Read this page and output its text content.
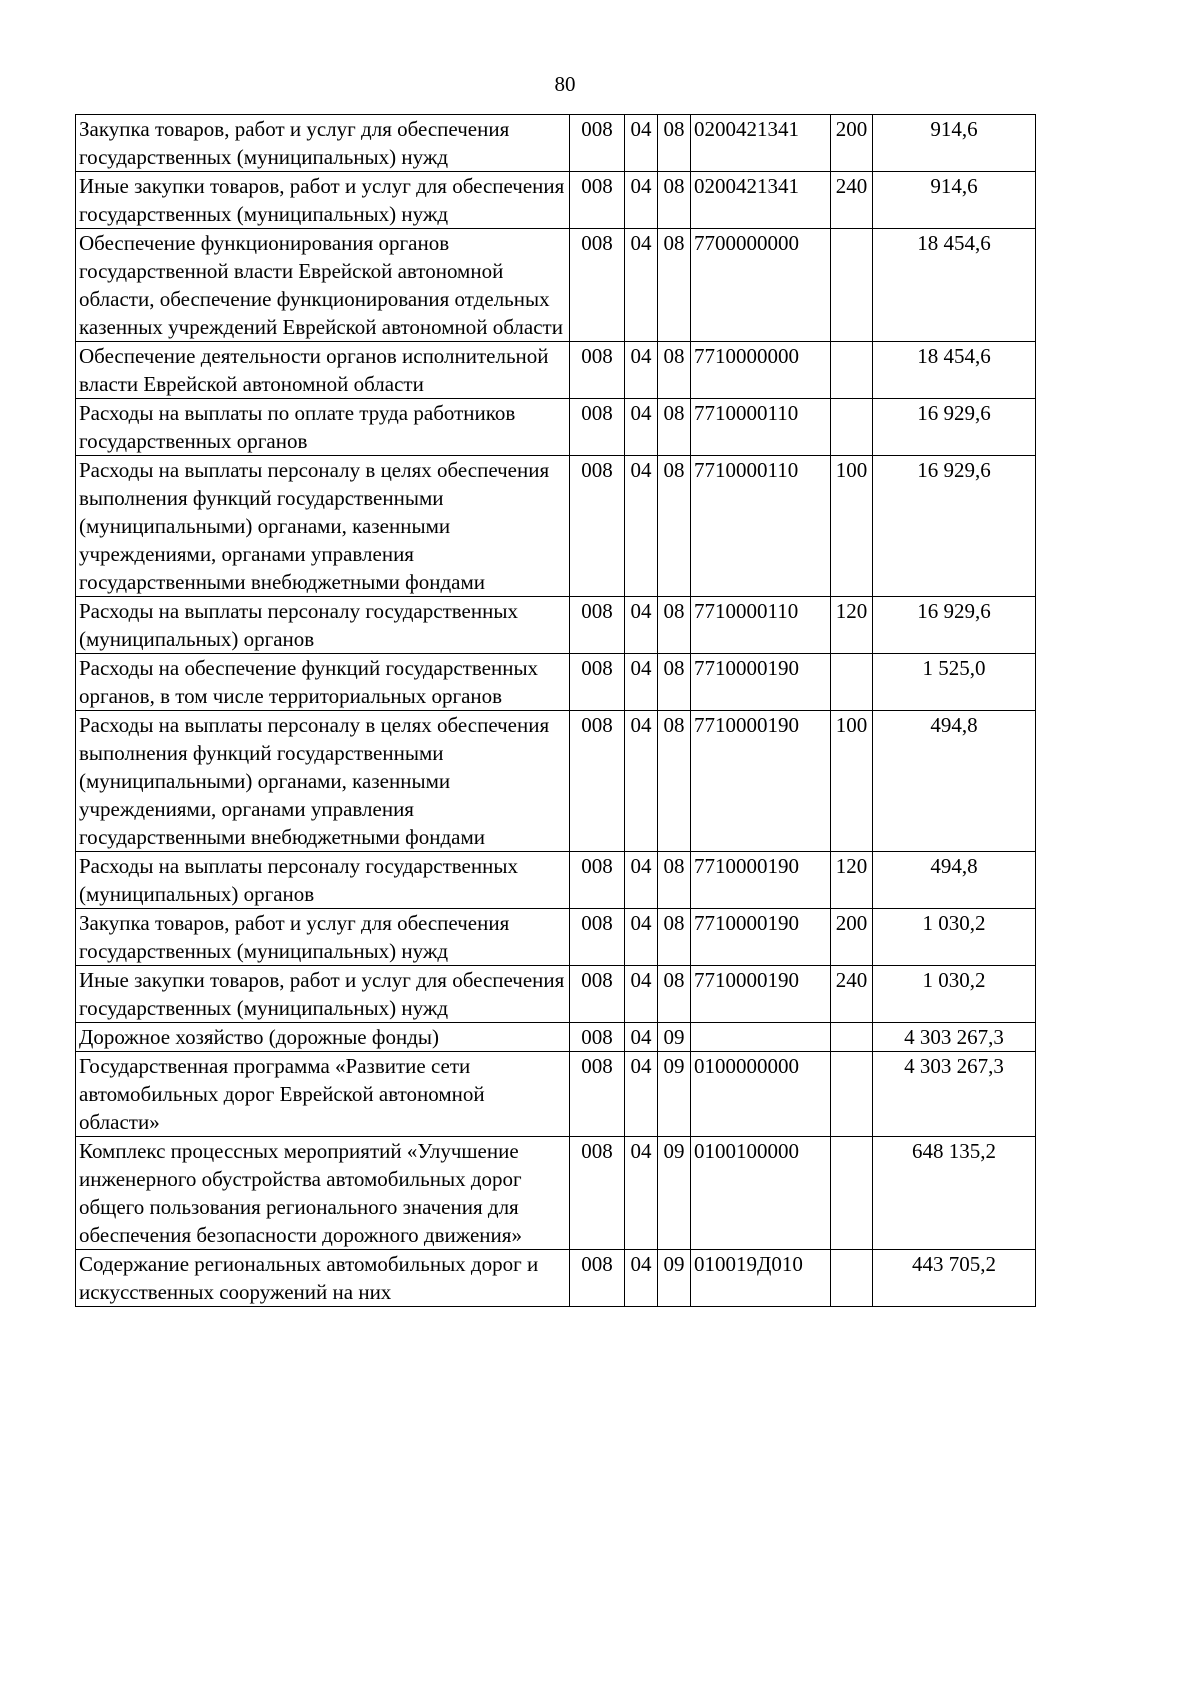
80
Закупка товаров, работ и услуг для обеспечения государственных (муниципальных) нужд	008	04	08	0200421341	200	914,6
Иные закупки товаров, работ и услуг для обеспечения государственных (муниципальных) нужд	008	04	08	0200421341	240	914,6
Обеспечение функционирования органов государственной власти Еврейской автономной области, обеспечение функционирования отдельных казенных учреждений Еврейской автономной области	008	04	08	7700000000		18 454,6
Обеспечение деятельности органов исполнительной власти Еврейской автономной области	008	04	08	7710000000		18 454,6
Расходы на выплаты по оплате труда работников государственных органов	008	04	08	7710000110		16 929,6
Расходы на выплаты персоналу в целях обеспечения выполнения функций государственными (муниципальными) органами, казенными учреждениями, органами управления государственными внебюджетными фондами	008	04	08	7710000110	100	16 929,6
Расходы на выплаты персоналу государственных (муниципальных) органов	008	04	08	7710000110	120	16 929,6
Расходы на обеспечение функций государственных органов, в том числе территориальных органов	008	04	08	7710000190		1 525,0
Расходы на выплаты персоналу в целях обеспечения выполнения функций государственными (муниципальными) органами, казенными учреждениями, органами управления государственными внебюджетными фондами	008	04	08	7710000190	100	494,8
Расходы на выплаты персоналу государственных (муниципальных) органов	008	04	08	7710000190	120	494,8
Закупка товаров, работ и услуг для обеспечения государственных (муниципальных) нужд	008	04	08	7710000190	200	1 030,2
Иные закупки товаров, работ и услуг для обеспечения государственных (муниципальных) нужд	008	04	08	7710000190	240	1 030,2
Дорожное хозяйство (дорожные фонды)	008	04	09			4 303 267,3
Государственная программа «Развитие сети автомобильных дорог Еврейской автономной области»	008	04	09	0100000000		4 303 267,3
Комплекс процессных мероприятий «Улучшение инженерного обустройства автомобильных дорог общего пользования регионального значения для обеспечения безопасности дорожного движения»	008	04	09	0100100000		648 135,2
Содержание региональных автомобильных дорог и искусственных сооружений на них	008	04	09	010019Д010		443 705,2
